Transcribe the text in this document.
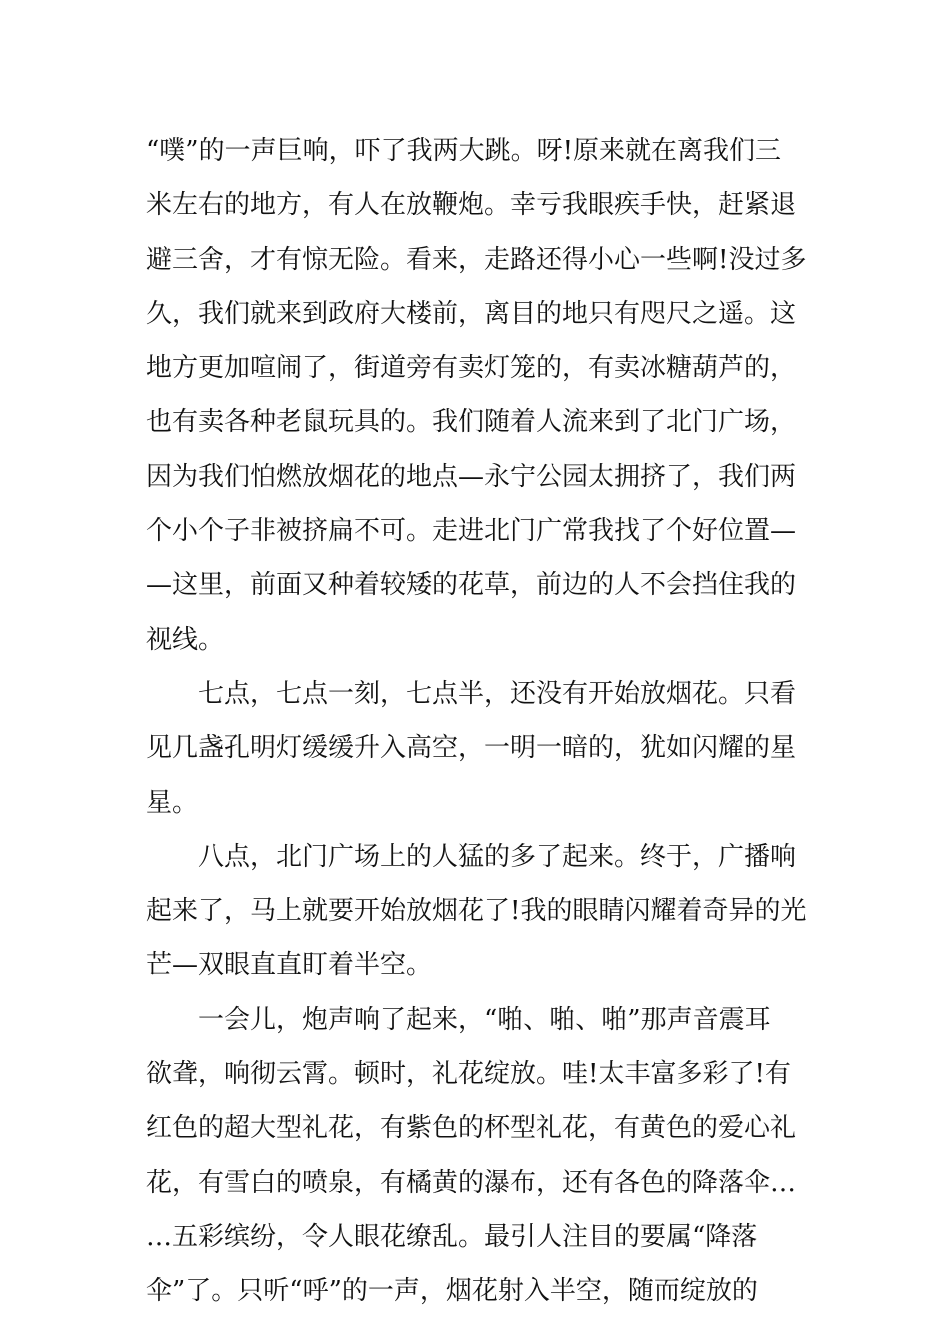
“噗”的一声巨响，吓了我两大跳。呀!原来就在离我们三
米左右的地方，有人在放鞭炮。幸亏我眼疾手快，赶紧退
避三舍，才有惊无险。看来，走路还得小心一些啊!没过多
久，我们就来到政府大楼前，离目的地只有咫尺之遥。这
地方更加喧闹了，街道旁有卖灯笼的，有卖冰糖葫芦的，
也有卖各种老鼠玩具的。我们随着人流来到了北门广场，
因为我们怕燃放烟花的地点—永宁公园太拥挤了，我们两
个小个子非被挤扁不可。走进北门广常我找了个好位置—
—这里，前面又种着较矮的花草，前边的人不会挡住我的
视线。
七点，七点一刻，七点半，还没有开始放烟花。只看
见几盏孔明灯缓缓升入高空，一明一暗的，犹如闪耀的星
星。
八点，北门广场上的人猛的多了起来。终于，广播响
起来了，马上就要开始放烟花了!我的眼睛闪耀着奇异的光
芒—双眼直直盯着半空。
一会儿，炮声响了起来，“啪、啪、啪”那声音震耳
欲聋，响彻云霄。顿时，礼花绽放。哇!太丰富多彩了!有
红色的超大型礼花，有紫色的杯型礼花，有黄色的爱心礼
花，有雪白的喷泉，有橘黄的瀑布，还有各色的降落伞…
…五彩缤纷，令人眼花缭乱。最引人注目的要属“降落
伞”了。只听“呼”的一声，烟花射入半空，随而绽放的
